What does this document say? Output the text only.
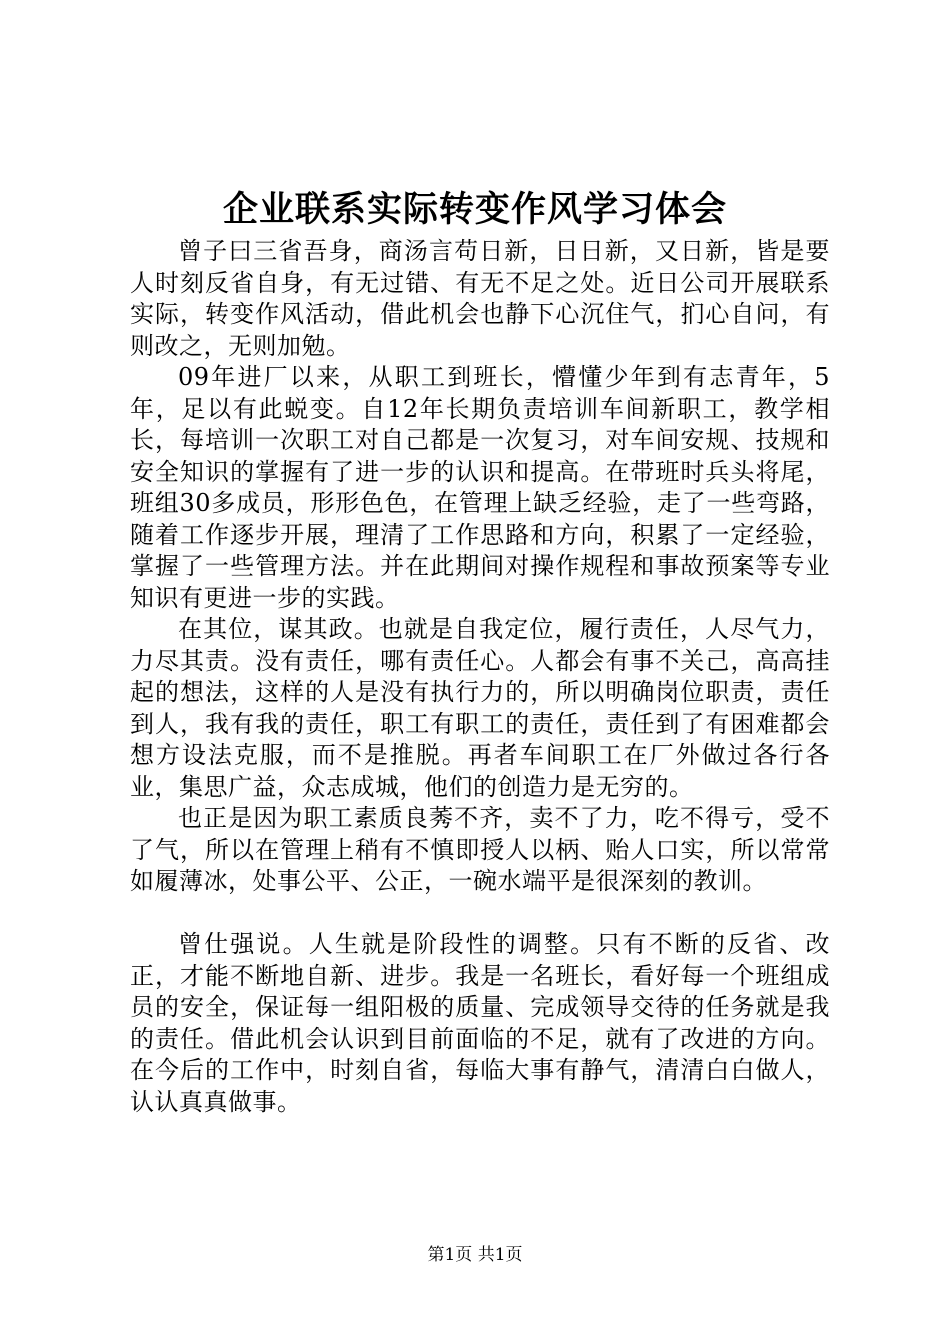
企业联系实际转变作风学习体会

曾子曰三省吾身，商汤言苟日新，日日新，又日新，皆是要人时刻反省自身，有无过错、有无不足之处。近日公司开展联系实际，转变作风活动，借此机会也静下心沉住气，扪心自问，有则改之，无则加勉。

09年进厂以来，从职工到班长，懵懂少年到有志青年，5年，足以有此蜕变。自12年长期负责培训车间新职工，教学相长，每培训一次职工对自己都是一次复习，对车间安规、技规和安全知识的掌握有了进一步的认识和提高。在带班时兵头将尾，班组30多成员，形形色色，在管理上缺乏经验，走了一些弯路，随着工作逐步开展，理清了工作思路和方向，积累了一定经验，掌握了一些管理方法。并在此期间对操作规程和事故预案等专业知识有更进一步的实践。

在其位，谋其政。也就是自我定位，履行责任，人尽气力，力尽其责。没有责任，哪有责任心。人都会有事不关己，高高挂起的想法，这样的人是没有执行力的，所以明确岗位职责，责任到人，我有我的责任，职工有职工的责任，责任到了有困难都会想方设法克服，而不是推脱。再者车间职工在厂外做过各行各业，集思广益，众志成城，他们的创造力是无穷的。

也正是因为职工素质良莠不齐，卖不了力，吃不得亏，受不了气，所以在管理上稍有不慎即授人以柄、贻人口实，所以常常如履薄冰，处事公平、公正，一碗水端平是很深刻的教训。

曾仕强说。人生就是阶段性的调整。只有不断的反省、改正，才能不断地自新、进步。我是一名班长，看好每一个班组成员的安全，保证每一组阳极的质量、完成领导交待的任务就是我的责任。借此机会认识到目前面临的不足，就有了改进的方向。在今后的工作中，时刻自省，每临大事有静气，清清白白做人，认认真真做事。

第1页 共1页
